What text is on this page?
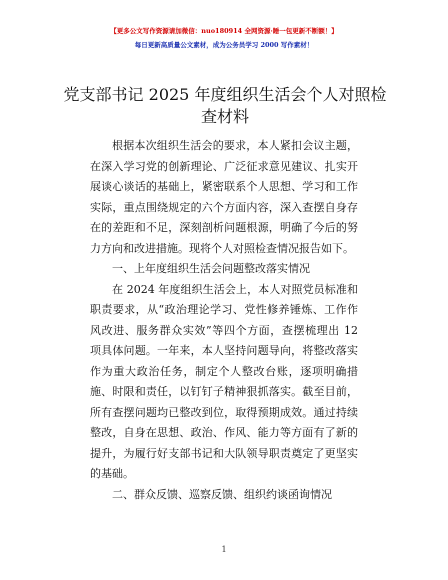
【更多公文写作资源请加微信：nuo180914 全网资源·睡一包更新不断额！】
每日更新高质量公文素材，成为公务员学习 2000 写作素材！
党支部书记 2025 年度组织生活会个人对照检查材料

根据本次组织生活会的要求，本人紧扣会议主题，在深入学习党的创新理论、广泛征求意见建议、扎实开展谈心谈话的基础上，紧密联系个人思想、学习和工作实际，重点围绕规定的六个方面内容，深入查摆自身存在的差距和不足，深刻剖析问题根源，明确了今后的努力方向和改进措施。现将个人对照检查情况报告如下。

一、上年度组织生活会问题整改落实情况

在 2024 年度组织生活会上，本人对照党员标准和职责要求，从“政治理论学习、党性修养锤炼、工作作风改进、服务群众实效”等四个方面，查摆梳理出 12 项具体问题。一年来，本人坚持问题导向，将整改落实作为重大政治任务，制定个人整改台账，逐项明确措施、时限和责任，以钉钉子精神狠抓落实。截至目前，所有查摆问题均已整改到位，取得预期成效。通过持续整改，自身在思想、政治、作风、能力等方面有了新的提升，为履行好支部书记和大队领导职责奠定了更坚实的基础。

二、群众反馈、巡察反馈、组织约谈函询情况

1
